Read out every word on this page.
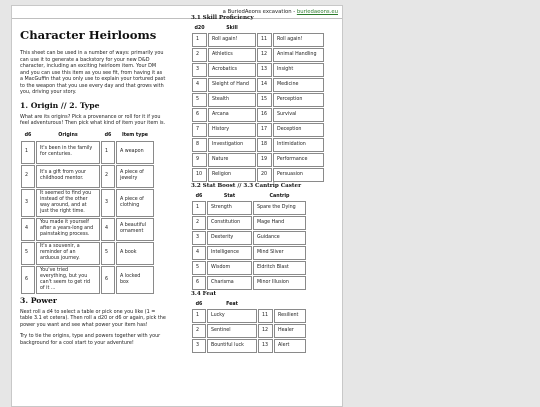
a BuriedAeons excavation - buriedaeons.eu
Character Heirlooms

This sheet can be used in a number of ways: primarily you can use it to generate a backstory for your new D&D character, including an exciting heirloom item. Your DM and you can use this item as you see fit, from having it as a MacGuffin that you only use to explain your tortured past to the weapon that you use every day and that grows with you, driving your story.

1. Origin // 2. Type

What are its origins? Pick a provenance or roll for it if you feel adventurous! Then pick what kind of item your item is.

d6	Origins	d6	Item type
1	It's been in the family for centuries.	1	A weapon
2	It's a gift from your childhood mentor.	2	A piece of jewelry
3	It seemed to find you instead of the other way around, and at just the right time.	3	A piece of clothing
4	You made it yourself after a years-long and painstaking process.	4	A beautiful ornament
5	It's a souvenir, a reminder of an arduous journey.	5	A book
6	You've tried everything, but you can't seem to get rid of it ...	6	A locked box
3. Power

Next roll a d4 to select a table or pick one you like (1 = table 3.1 et cetera). Then roll a d20 or d6 or again, pick the power you want and see what power your item has!

Try to tie the origins, type and powers together with your background for a cool start to your adventure!

3.1 Skill Proficiency
d20	Skill		
1	Roll again!	11	Roll again!
2	Athletics	12	Animal Handling
3	Acrobatics	13	Insight
4	Sleight of Hand	14	Medicine
5	Stealth	15	Perception
6	Arcana	16	Survival
7	History	17	Deception
8	Investigation	18	Intimidation
9	Nature	19	Performance
10	Religion	20	Persuasion
3.2 Stat Boost // 3.3 Cantrip Caster
d6	Stat	Cantrip
1	Strength	Spare the Dying
2	Constitution	Mage Hand
3	Dexterity	Guidance
4	Intelligence	Mind Sliver
5	Wisdom	Eldritch Blast
6	Charisma	Minor Illusion
3.4 Feat
d6	Feat		
1	Lucky	11	Resilient
2	Sentinel	12	Healer
3	Bountiful luck	13	Alert
